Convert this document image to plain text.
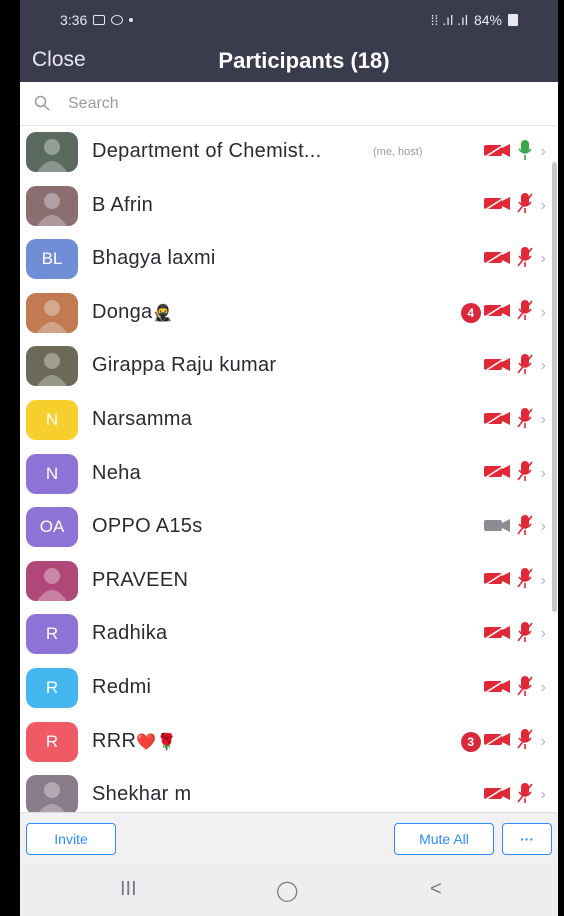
3:36	⁞⁞ .ıl .ıl 84%
Close	Participants (18)
Search
Department of Chemist...	(me, host)	›
B Afrin	›
BL	Bhagya laxmi	›
Donga🥷	4	›
Girappa Raju kumar	›
N	Narsamma	›
N	Neha	›
OA	OPPO A15s	›
PRAVEEN	›
R	Radhika	›
R	Redmi	›
R	RRR❤️🌹	3	›
Shekhar m	›
Invite	Mute All	···
III	◯	<
